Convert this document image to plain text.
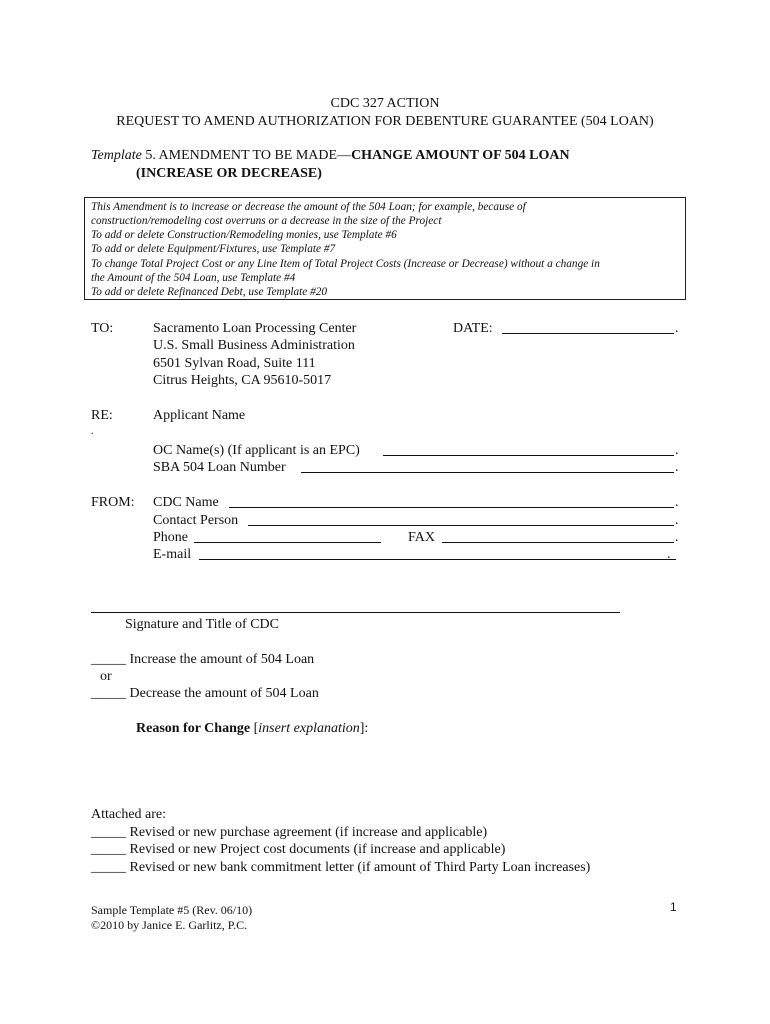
CDC 327 ACTION
REQUEST TO AMEND AUTHORIZATION FOR DEBENTURE GUARANTEE (504 LOAN)
Template 5. AMENDMENT TO BE MADE—CHANGE AMOUNT OF 504 LOAN
(INCREASE OR DECREASE)
This Amendment is to increase or decrease the amount of the 504 Loan; for example, because of
construction/remodeling cost overruns or a decrease in the size of the Project
To add or delete Construction/Remodeling monies, use Template #6
To add or delete Equipment/Fixtures, use Template #7
To change Total Project Cost or any Line Item of Total Project Costs (Increase or Decrease) without a change in
the Amount of the 504 Loan, use Template #4
To add or delete Refinanced Debt, use Template #20
TO:	Sacramento Loan Processing Center
U.S. Small Business Administration
6501 Sylvan Road, Suite 111
Citrus Heights, CA 95610-5017
DATE:	.
RE:	Applicant Name
.
OC Name(s) (If applicant is an EPC)	.
SBA 504 Loan Number	.
FROM: CDC Name	.
Contact Person	.
Phone	FAX	.
E-mail	.
Signature and Title of CDC
_____ Increase the amount of 504 Loan
or
_____ Decrease the amount of 504 Loan
Reason for Change [insert explanation]:
Attached are:
_____ Revised or new purchase agreement (if increase and applicable)
_____ Revised or new Project cost documents (if increase and applicable)
_____ Revised or new bank commitment letter (if amount of Third Party Loan increases)
Sample Template #5 (Rev. 06/10)
©2010 by Janice E. Garlitz, P.C.
1
